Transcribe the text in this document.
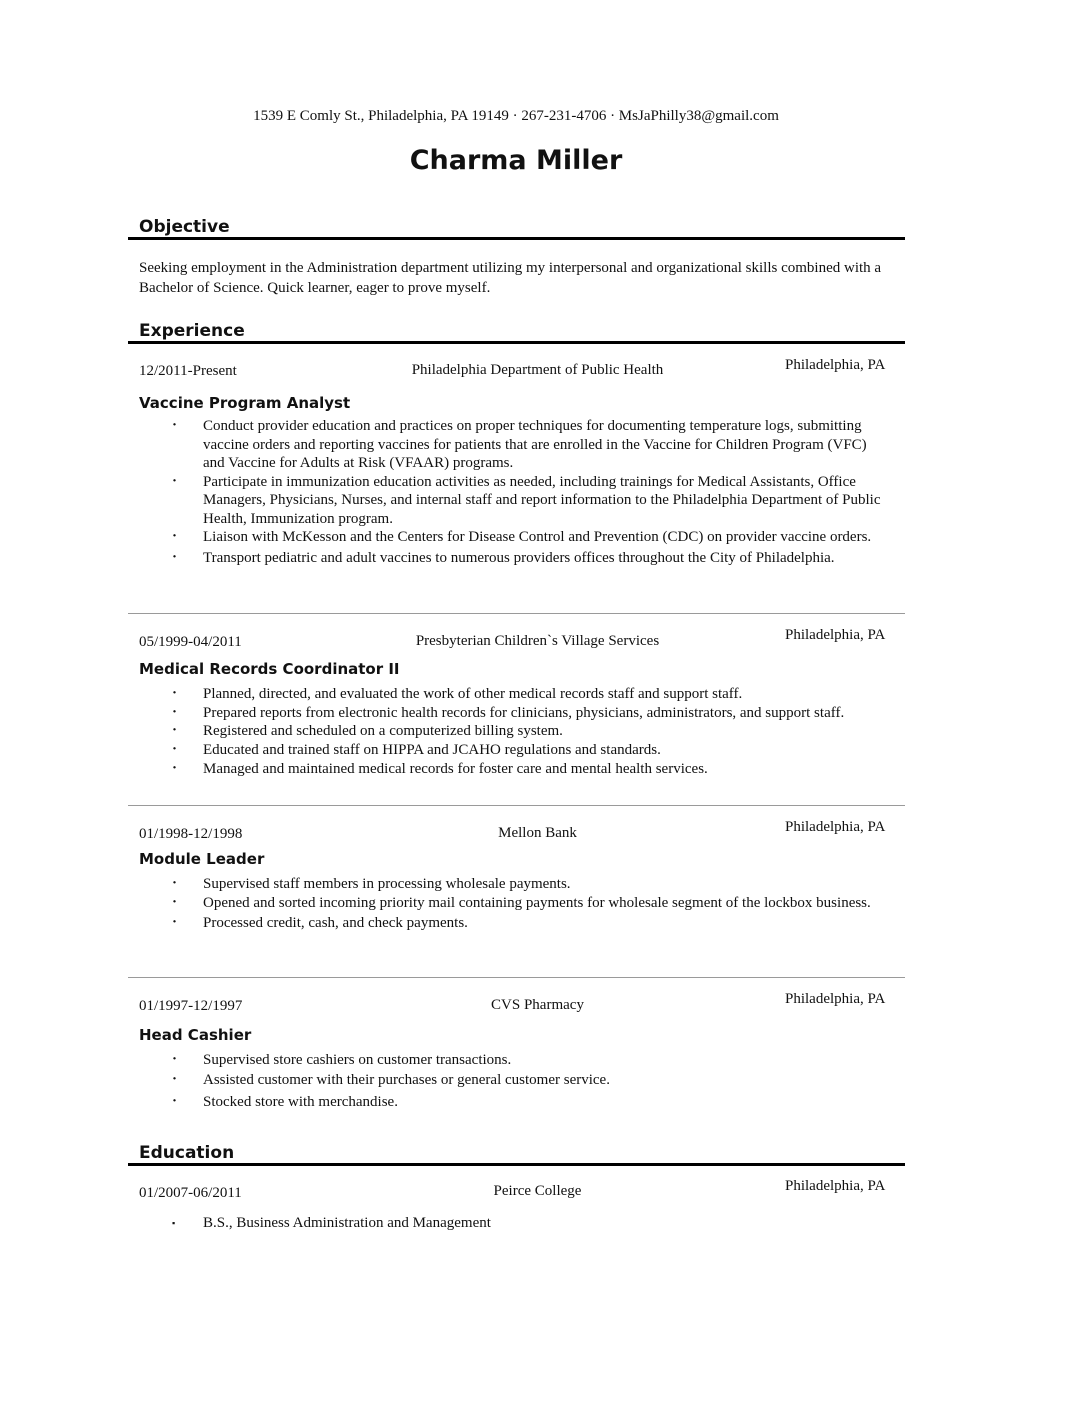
1539 E Comly St., Philadelphia, PA 19149 · 267-231-4706 · MsJaPhilly38@gmail.com
Charma Miller
Objective
Seeking employment in the Administration department utilizing my interpersonal and organizational skills combined with a Bachelor of Science. Quick learner, eager to prove myself.
Experience
12/2011-Present	Philadelphia Department of Public Health	Philadelphia, PA
Vaccine Program Analyst
· Conduct provider education and practices on proper techniques for documenting temperature logs, submitting vaccine orders and reporting vaccines for patients that are enrolled in the Vaccine for Children Program (VFC) and Vaccine for Adults at Risk (VFAAR) programs.
· Participate in immunization education activities as needed, including trainings for Medical Assistants, Office Managers, Physicians, Nurses, and internal staff and report information to the Philadelphia Department of Public Health, Immunization program.
· Liaison with McKesson and the Centers for Disease Control and Prevention (CDC) on provider vaccine orders.
· Transport pediatric and adult vaccines to numerous providers offices throughout the City of Philadelphia.
05/1999-04/2011	Presbyterian Children`s Village Services	Philadelphia, PA
Medical Records Coordinator II
· Planned, directed, and evaluated the work of other medical records staff and support staff.
· Prepared reports from electronic health records for clinicians, physicians, administrators, and support staff.
· Registered and scheduled on a computerized billing system.
· Educated and trained staff on HIPPA and JCAHO regulations and standards.
· Managed and maintained medical records for foster care and mental health services.
01/1998-12/1998	Mellon Bank	Philadelphia, PA
Module Leader
· Supervised staff members in processing wholesale payments.
· Opened and sorted incoming priority mail containing payments for wholesale segment of the lockbox business.
· Processed credit, cash, and check payments.
01/1997-12/1997	CVS Pharmacy	Philadelphia, PA
Head Cashier
· Supervised store cashiers on customer transactions.
· Assisted customer with their purchases or general customer service.
· Stocked store with merchandise.
Education
01/2007-06/2011	Peirce College	Philadelphia, PA
▪ B.S., Business Administration and Management
